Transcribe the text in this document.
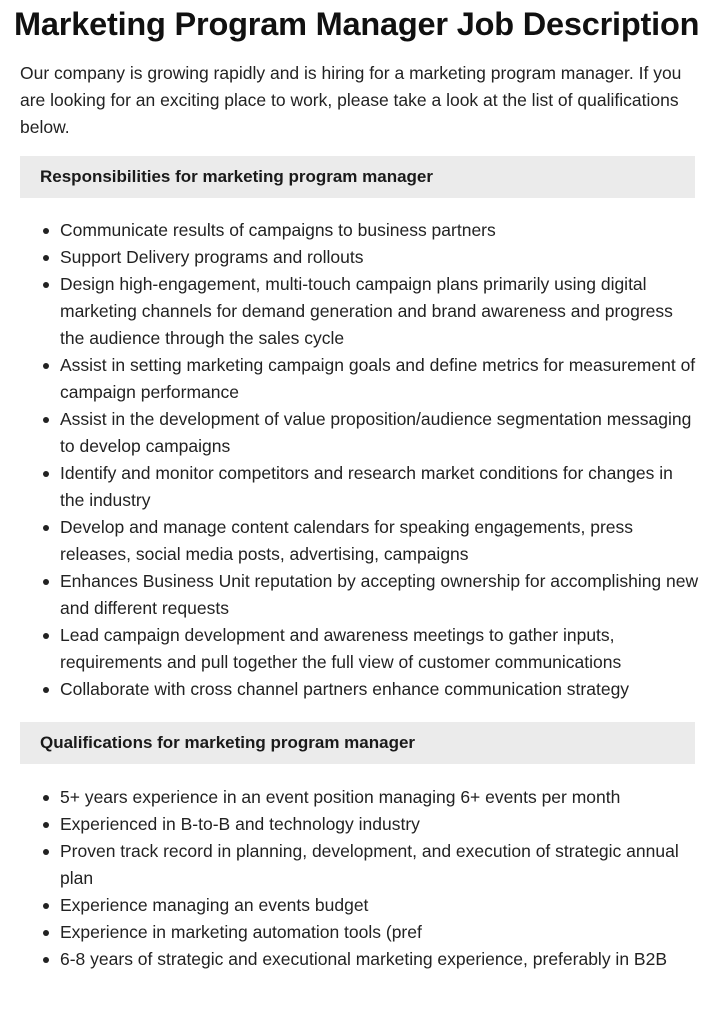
Marketing Program Manager Job Description

Our company is growing rapidly and is hiring for a marketing program manager. If you are looking for an exciting place to work, please take a look at the list of qualifications below.

Responsibilities for marketing program manager
Communicate results of campaigns to business partners
Support Delivery programs and rollouts
Design high-engagement, multi-touch campaign plans primarily using digital marketing channels for demand generation and brand awareness and progress the audience through the sales cycle
Assist in setting marketing campaign goals and define metrics for measurement of campaign performance
Assist in the development of value proposition/audience segmentation messaging to develop campaigns
Identify and monitor competitors and research market conditions for changes in the industry
Develop and manage content calendars for speaking engagements, press releases, social media posts, advertising, campaigns
Enhances Business Unit reputation by accepting ownership for accomplishing new and different requests
Lead campaign development and awareness meetings to gather inputs, requirements and pull together the full view of customer communications
Collaborate with cross channel partners enhance communication strategy
Qualifications for marketing program manager
5+ years experience in an event position managing 6+ events per month
Experienced in B-to-B and technology industry
Proven track record in planning, development, and execution of strategic annual plan
Experience managing an events budget
Experience in marketing automation tools (pref
6-8 years of strategic and executional marketing experience, preferably in B2B
